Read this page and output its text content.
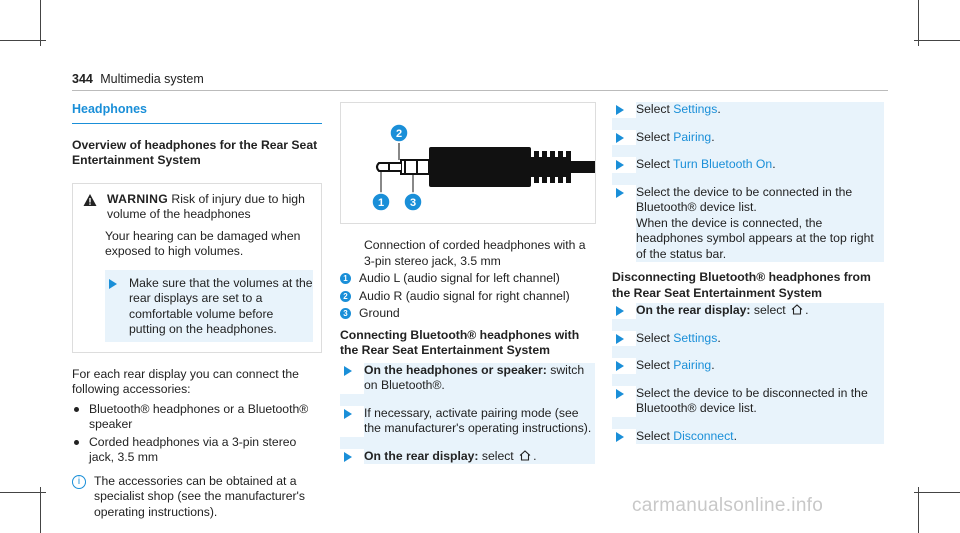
344 Multimedia system
Headphones

Overview of headphones for the Rear Seat Entertainment System

WARNING Risk of injury due to high volume of the headphones

Your hearing can be damaged when exposed to high volumes.

Make sure that the volumes at the rear displays are set to a comfortable volume before putting on the headphones.

For each rear display you can connect the following accessories:

Bluetooth® headphones or a Bluetooth® speaker
Corded headphones via a 3-pin stereo jack, 3.5 mm
i	The accessories can be obtained at a specialist shop (see the manufacturer's operating instructions).
2
1 3

Connection of corded headphones with a 3-pin stereo jack, 3.5 mm

1 Audio L (audio signal for left channel)
2 Audio R (audio signal for right channel)
3 Ground

Connecting Bluetooth® headphones with the Rear Seat Entertainment System

On the headphones or speaker: switch on Bluetooth®.
If necessary, activate pairing mode (see the manufacturer's operating instructions).
On the rear display: select .
Select Settings.
Select Pairing.
Select Turn Bluetooth On.
Select the device to be connected in the Bluetooth® device list.
When the device is connected, the headphones symbol appears at the top right of the status bar.

Disconnecting Bluetooth® headphones from the Rear Seat Entertainment System

On the rear display: select .
Select Settings.
Select Pairing.
Select the device to be disconnected in the Bluetooth® device list.
Select Disconnect.
carmanualsonline.info
